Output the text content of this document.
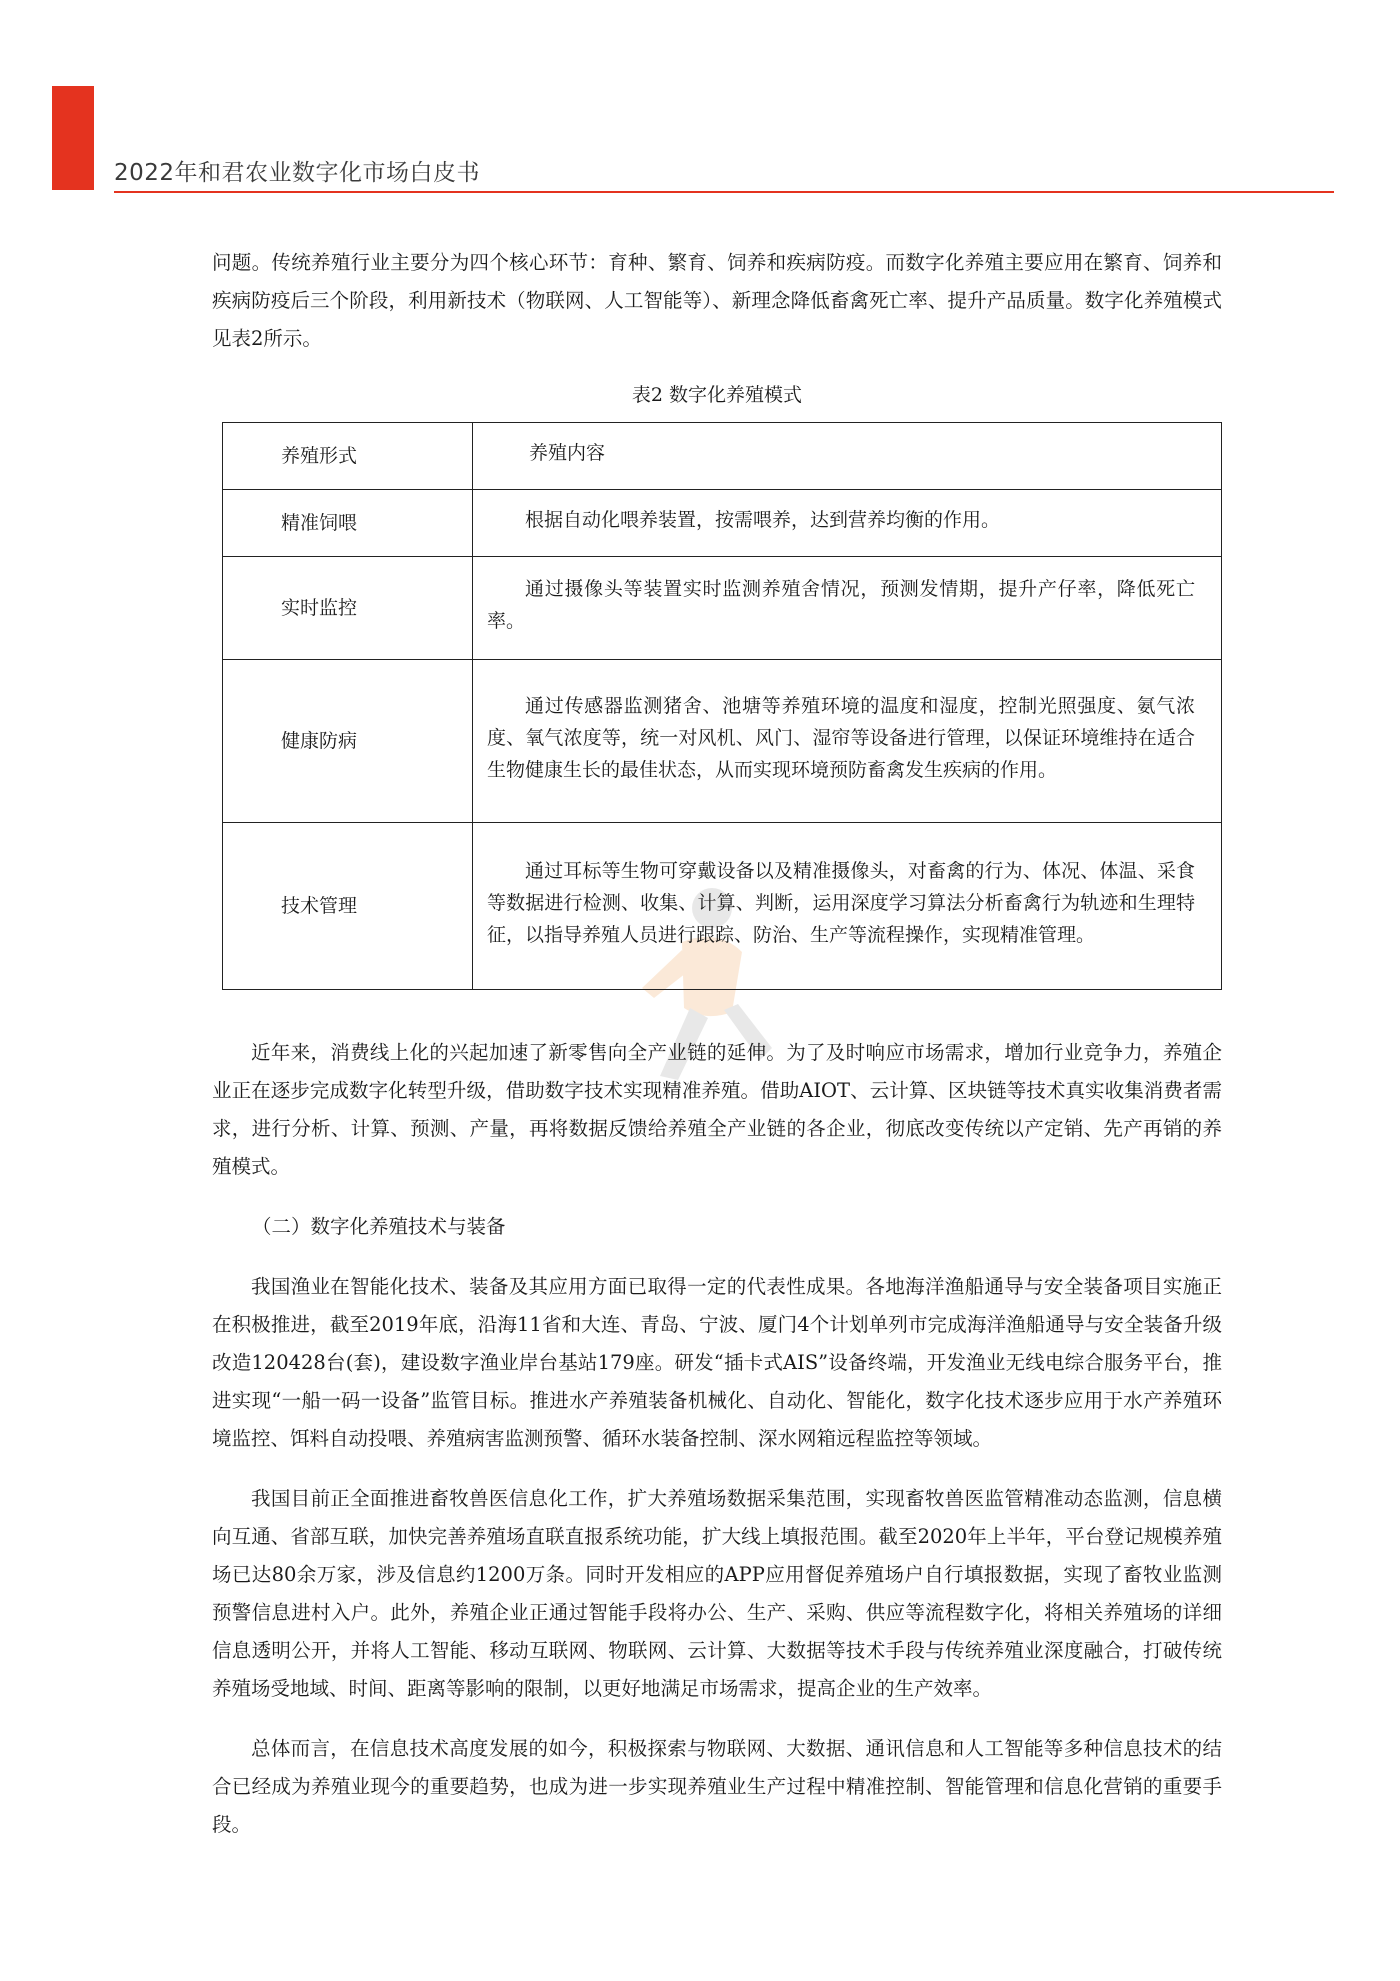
2022年和君农业数字化市场白皮书

问题。传统养殖行业主要分为四个核心环节：育种、繁育、饲养和疾病防疫。而数字化养殖主要应用在繁育、饲养和疾病防疫后三个阶段，利用新技术（物联网、人工智能等）、新理念降低畜禽死亡率、提升产品质量。数字化养殖模式见表2所示。

表2 数字化养殖模式
养殖形式	养殖内容
精准饲喂	根据自动化喂养装置，按需喂养，达到营养均衡的作用。
实时监控	通过摄像头等装置实时监测养殖舍情况，预测发情期，提升产仔率，降低死亡率。
健康防病	通过传感器监测猪舍、池塘等养殖环境的温度和湿度，控制光照强度、氨气浓度、氧气浓度等，统一对风机、风门、湿帘等设备进行管理，以保证环境维持在适合生物健康生长的最佳状态，从而实现环境预防畜禽发生疾病的作用。
技术管理	通过耳标等生物可穿戴设备以及精准摄像头，对畜禽的行为、体况、体温、采食等数据进行检测、收集、计算、判断，运用深度学习算法分析畜禽行为轨迹和生理特征，以指导养殖人员进行跟踪、防治、生产等流程操作，实现精准管理。

近年来，消费线上化的兴起加速了新零售向全产业链的延伸。为了及时响应市场需求，增加行业竞争力，养殖企业正在逐步完成数字化转型升级，借助数字技术实现精准养殖。借助AIOT、云计算、区块链等技术真实收集消费者需求，进行分析、计算、预测、产量，再将数据反馈给养殖全产业链的各企业，彻底改变传统以产定销、先产再销的养殖模式。

（二）数字化养殖技术与装备

我国渔业在智能化技术、装备及其应用方面已取得一定的代表性成果。各地海洋渔船通导与安全装备项目实施正在积极推进，截至2019年底，沿海11省和大连、青岛、宁波、厦门4个计划单列市完成海洋渔船通导与安全装备升级改造120428台(套)，建设数字渔业岸台基站179座。研发“插卡式AIS”设备终端，开发渔业无线电综合服务平台，推进实现“一船一码一设备”监管目标。推进水产养殖装备机械化、自动化、智能化，数字化技术逐步应用于水产养殖环境监控、饵料自动投喂、养殖病害监测预警、循环水装备控制、深水网箱远程监控等领域。

我国目前正全面推进畜牧兽医信息化工作，扩大养殖场数据采集范围，实现畜牧兽医监管精准动态监测，信息横向互通、省部互联，加快完善养殖场直联直报系统功能，扩大线上填报范围。截至2020年上半年，平台登记规模养殖场已达80余万家，涉及信息约1200万条。同时开发相应的APP应用督促养殖场户自行填报数据，实现了畜牧业监测预警信息进村入户。此外，养殖企业正通过智能手段将办公、生产、采购、供应等流程数字化，将相关养殖场的详细信息透明公开，并将人工智能、移动互联网、物联网、云计算、大数据等技术手段与传统养殖业深度融合，打破传统养殖场受地域、时间、距离等影响的限制，以更好地满足市场需求，提高企业的生产效率。

总体而言，在信息技术高度发展的如今，积极探索与物联网、大数据、通讯信息和人工智能等多种信息技术的结合已经成为养殖业现今的重要趋势，也成为进一步实现养殖业生产过程中精准控制、智能管理和信息化营销的重要手段。
